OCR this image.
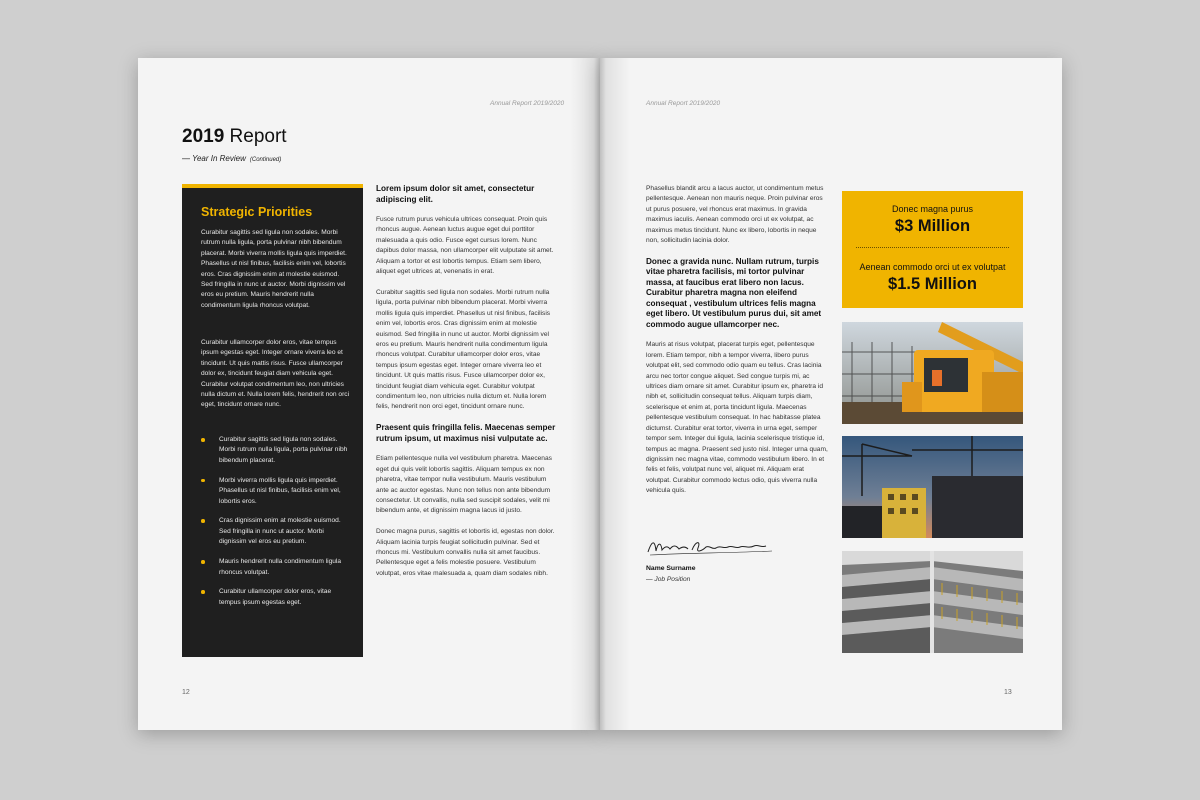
Annual Report 2019/2020
2019 Report
— Year In Review (Continued)
Strategic Priorities
Curabitur sagittis sed ligula non sodales. Morbi rutrum nulla ligula, porta pulvinar nibh bibendum placerat. Morbi viverra mollis ligula quis imperdiet. Phasellus ut nisl finibus, facilisis enim vel, lobortis eros. Cras dignissim enim at molestie euismod. Sed fringilla in nunc ut auctor. Morbi dignissim vel eros eu pretium. Mauris hendrerit nulla condimentum ligula rhoncus volutpat.
Curabitur ullamcorper dolor eros, vitae tempus ipsum egestas eget. Integer ornare viverra leo et tincidunt. Ut quis mattis risus. Fusce ullamcorper dolor ex, tincidunt feugiat diam vehicula eget. Curabitur volutpat condimentum leo, non ultricies nulla dictum et. Nulla lorem felis, hendrerit non orci eget, tincidunt ornare nunc.
Curabitur sagittis sed ligula non sodales. Morbi rutrum nulla ligula, porta pulvinar nibh bibendum placerat.
Morbi viverra mollis ligula quis imperdiet. Phasellus ut nisl finibus, facilisis enim vel, lobortis eros.
Cras dignissim enim at molestie euismod. Sed fringilla in nunc ut auctor. Morbi dignissim vel eros eu pretium.
Mauris hendrerit nulla condimentum ligula rhoncus volutpat.
Curabitur ullamcorper dolor eros, vitae tempus ipsum egestas eget.

Lorem ipsum dolor sit amet, consectetur adipiscing elit.

Fusce rutrum purus vehicula ultrices consequat. Proin quis rhoncus augue. Aenean luctus augue eget dui porttitor malesuada a quis odio. Fusce eget cursus lorem. Nunc dapibus dolor massa, non ullamcorper elit vulputate sit amet. Aliquam a tortor et est lobortis tempus. Etiam sem libero, aliquet eget ultrices at, venenatis in erat.

Curabitur sagittis sed ligula non sodales. Morbi rutrum nulla ligula, porta pulvinar nibh bibendum placerat. Morbi viverra mollis ligula quis imperdiet. Phasellus ut nisl finibus, facilisis enim vel, lobortis eros. Cras dignissim enim at molestie euismod. Sed fringilla in nunc ut auctor. Morbi dignissim vel eros eu pretium. Mauris hendrerit nulla condimentum ligula rhoncus volutpat. Curabitur ullamcorper dolor eros, vitae tempus ipsum egestas eget. Integer ornare viverra leo et tincidunt. Ut quis mattis risus. Fusce ullamcorper dolor ex, tincidunt feugiat diam vehicula eget. Curabitur volutpat condimentum leo, non ultricies nulla dictum et. Nulla lorem felis, hendrerit non orci eget, tincidunt ornare nunc.

Praesent quis fringilla felis. Maecenas semper rutrum ipsum, ut maximus nisi vulputate ac.

Etiam pellentesque nulla vel vestibulum pharetra. Maecenas eget dui quis velit lobortis sagittis. Aliquam tempus ex non pharetra, vitae tempor nulla vestibulum. Mauris vestibulum ante ac auctor egestas. Nunc non tellus non ante bibendum consectetur. Ut convallis, nulla sed suscipit sodales, velit mi bibendum ante, et dignissim magna lacus id justo.

Donec magna purus, sagittis et lobortis id, egestas non dolor. Aliquam lacinia turpis feugiat sollicitudin pulvinar. Sed et rhoncus mi. Vestibulum convallis nulla sit amet faucibus. Pellentesque eget a felis molestie posuere. Vestibulum volutpat, eros vitae malesuada a, quam diam sodales nibh.

12
Annual Report 2019/2020

Phasellus blandit arcu a lacus auctor, ut condimentum metus pellentesque. Aenean non mauris neque. Proin pulvinar eros ut purus posuere, vel rhoncus erat maximus. In gravida maximus iaculis. Aenean commodo orci ut ex volutpat, ac maximus metus tincidunt. Nunc ex libero, lobortis in neque non, sollicitudin lacinia dolor.

Donec a gravida nunc. Nullam rutrum, turpis vitae pharetra facilisis, mi tortor pulvinar massa, at faucibus erat libero non lacus. Curabitur pharetra magna non eleifend consequat , vestibulum ultrices felis magna eget libero. Ut vestibulum purus dui, sit amet commodo augue ullamcorper nec.

Mauris at risus volutpat, placerat turpis eget, pellentesque lorem. Etiam tempor, nibh a tempor viverra, libero purus volutpat elit, sed commodo odio quam eu tellus. Cras lacinia arcu nec tortor congue aliquet. Sed congue turpis mi, ac ultrices diam ornare sit amet. Curabitur ipsum ex, pharetra id nibh et, sollicitudin consequat tellus. Aliquam turpis diam, scelerisque et enim at, porta tincidunt ligula. Maecenas pellentesque vestibulum consequat. In hac habitasse platea dictumst. Curabitur erat tortor, viverra in urna eget, semper tempor sem. Integer dui ligula, lacinia scelerisque tristique id, tempus ac magna. Praesent sed justo nisl. Integer urna quam, dignissim nec magna vitae, commodo vestibulum libero. In et felis et felis, volutpat nunc vel, aliquet mi. Aliquam erat volutpat. Curabitur commodo lectus odio, quis viverra nulla vehicula quis.

Name Surname
— Job Position
Donec magna purus
$3 Million
Aenean commodo orci ut ex volutpat
$1.5 Million
13
